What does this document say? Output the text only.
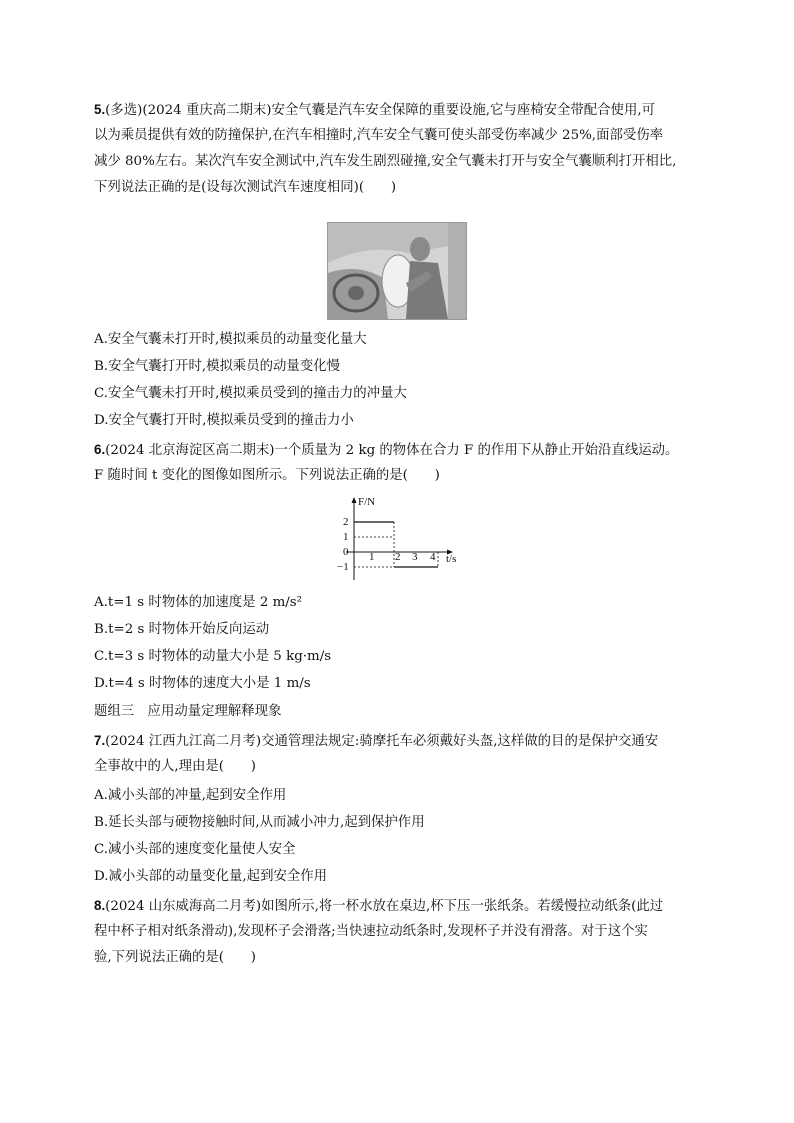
5.(多选)(2024 重庆高二期末)安全气囊是汽车安全保障的重要设施,它与座椅安全带配合使用,可
以为乘员提供有效的防撞保护,在汽车相撞时,汽车安全气囊可使头部受伤率减少 25%,面部受伤率
减少 80%左右。某次汽车安全测试中,汽车发生剧烈碰撞,安全气囊未打开与安全气囊顺利打开相比,
下列说法正确的是(设每次测试汽车速度相同)(　　)
A.安全气囊未打开时,模拟乘员的动量变化量大
B.安全气囊打开时,模拟乘员的动量变化慢
C.安全气囊未打开时,模拟乘员受到的撞击力的冲量大
D.安全气囊打开时,模拟乘员受到的撞击力小
6.(2024 北京海淀区高二期末)一个质量为 2 kg 的物体在合力 F 的作用下从静止开始沿直线运动。
F 随时间 t 变化的图像如图所示。下列说法正确的是(　　)
F/N
t/s
2
1
0
−1
1 2 3 4
A.t=1 s 时物体的加速度是 2 m/s²
B.t=2 s 时物体开始反向运动
C.t=3 s 时物体的动量大小是 5 kg·m/s
D.t=4 s 时物体的速度大小是 1 m/s
题组三　应用动量定理解释现象
7.(2024 江西九江高二月考)交通管理法规定:骑摩托车必须戴好头盔,这样做的目的是保护交通安
全事故中的人,理由是(　　)
A.减小头部的冲量,起到安全作用
B.延长头部与硬物接触时间,从而减小冲力,起到保护作用
C.减小头部的速度变化量使人安全
D.减小头部的动量变化量,起到安全作用
8.(2024 山东威海高二月考)如图所示,将一杯水放在桌边,杯下压一张纸条。若缓慢拉动纸条(此过
程中杯子相对纸条滑动),发现杯子会滑落;当快速拉动纸条时,发现杯子并没有滑落。对于这个实
验,下列说法正确的是(　　)
